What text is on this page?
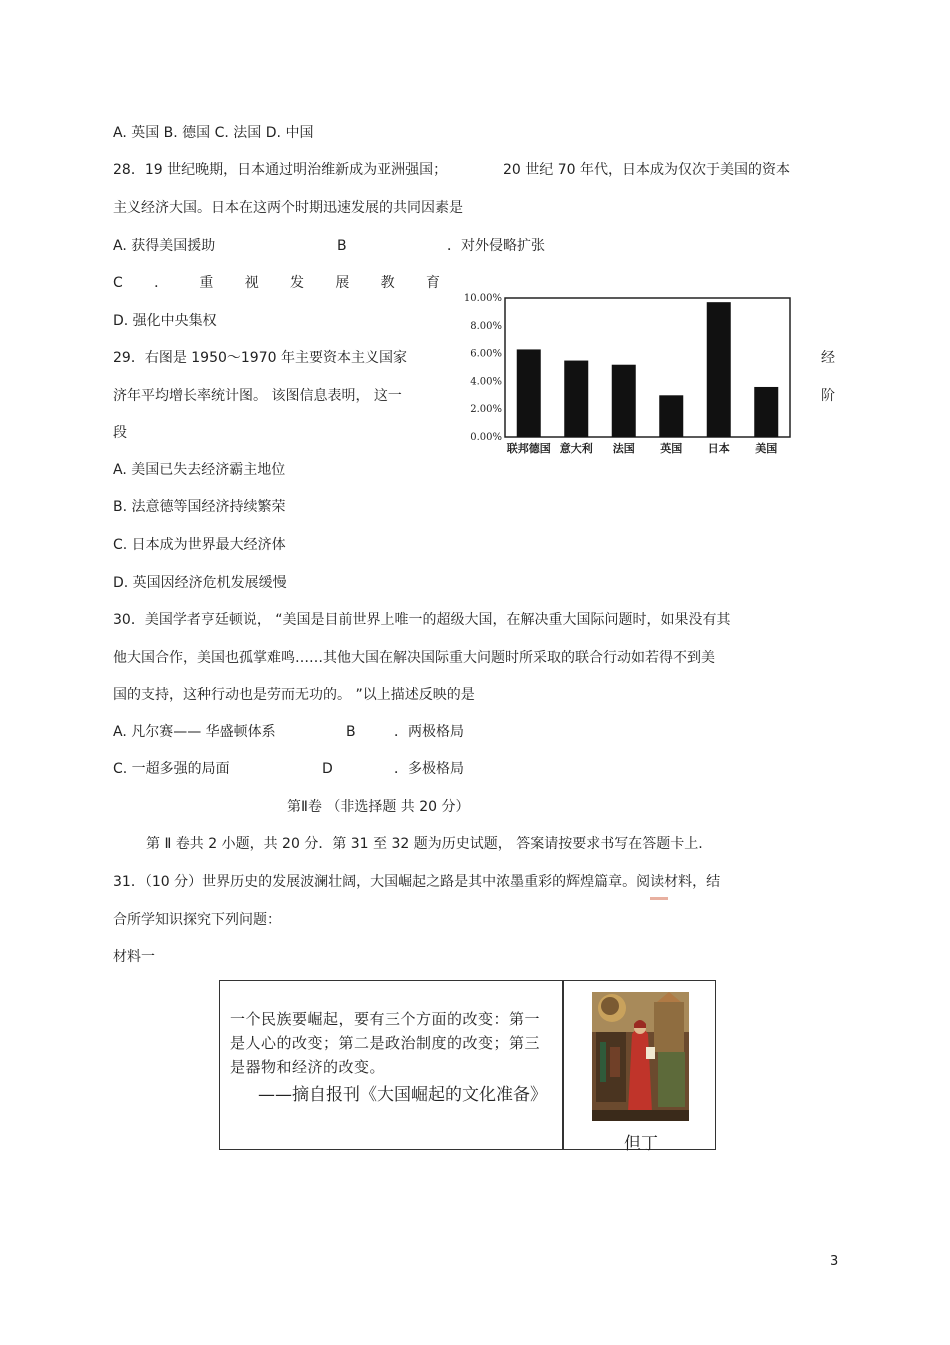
A. 英国 B. 德国 C. 法国 D. 中国
28．19 世纪晚期，日本通过明治维新成为亚洲强国；	20 世纪 70 年代，日本成为仅次于美国的资本
主义经济大国。日本在这两个时期迅速发展的共同因素是
A. 获得美国援助	B	．对外侵略扩张
C ． 重 视 发 展 教 育
D. 强化中央集权
29．右图是 1950～1970 年主要资本主义国家	经
济年平均增长率统计图。 该图信息表明， 这一	阶
段
A. 美国已失去经济霸主地位
B. 法意德等国经济持续繁荣
C. 日本成为世界最大经济体
D. 英国因经济危机发展缓慢
0.00%
2.00%
4.00%
6.00%
8.00%
10.00%
联邦德国 意大利 法国 英国 日本 美国
30．美国学者亨廷顿说， “美国是目前世界上唯一的超级大国，在解决重大国际问题时，如果没有其
他大国合作，美国也孤掌难鸣……其他大国在解决国际重大问题时所采取的联合行动如若得不到美
国的支持，这种行动也是劳而无功的。 ”以上描述反映的是
A. 凡尔赛—— 华盛顿体系	B	．两极格局
C. 一超多强的局面	D	．多极格局
第Ⅱ卷 （非选择题 共 20 分）
第 Ⅱ 卷共 2 小题，共 20 分．第 31 至 32 题为历史试题， 答案请按要求书写在答题卡上.
31．（10 分）世界历史的发展波澜壮阔，大国崛起之路是其中浓墨重彩的辉煌篇章。阅读材料，结
合所学知识探究下列问题：
材料一
一个民族要崛起，要有三个方面的改变：第一是人心的改变；第二是政治制度的改变；第三是器物和经济的改变。
——摘自报刊《大国崛起的文化准备》
但丁
3
